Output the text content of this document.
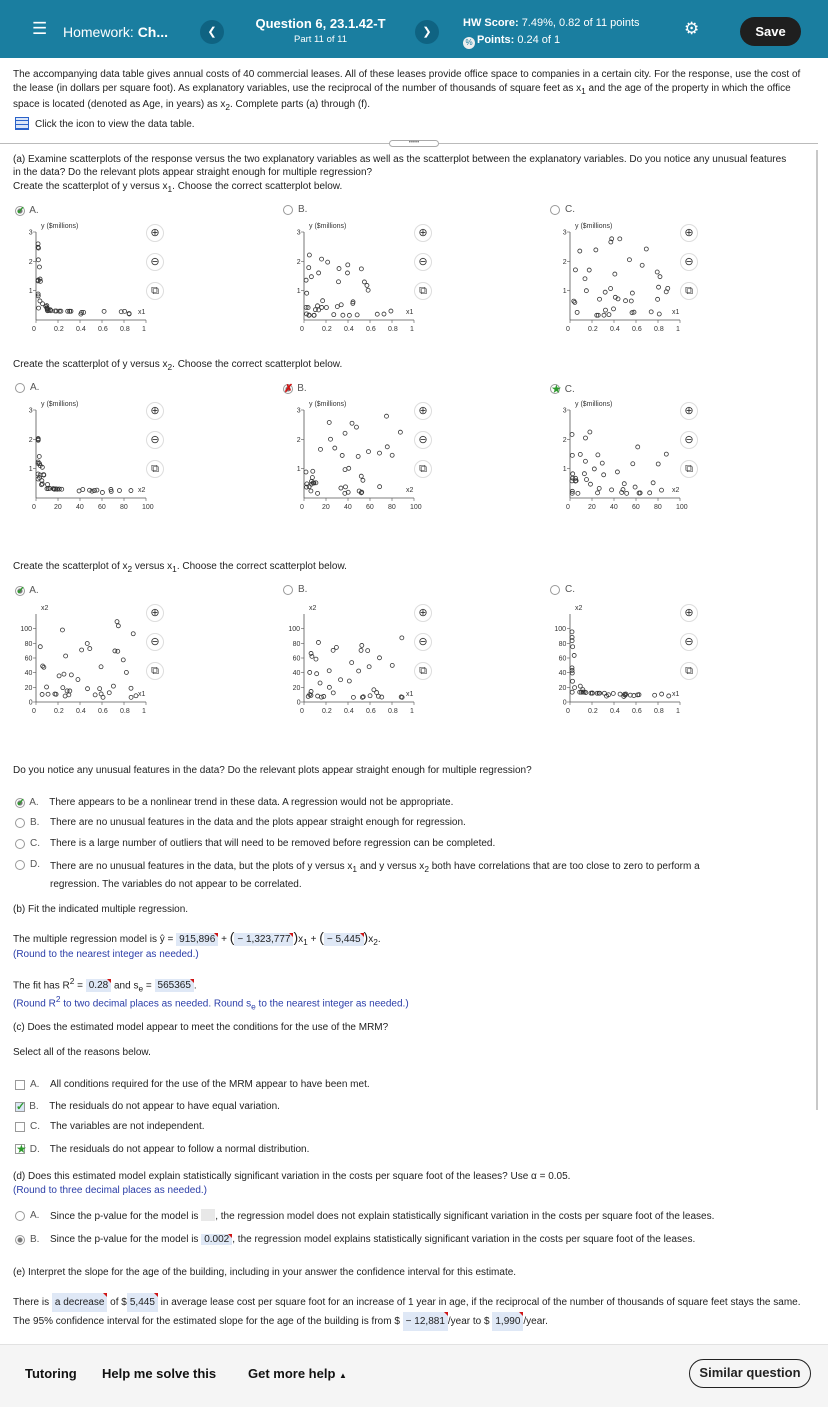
☰ Homework: Ch...	❮
Question 6, 23.1.42-T
Part 11 of 11
❯
HW Score: 7.49%, 0.82 of 11 points
% Points: 0.24 of 1
⚙	Save
The accompanying data table gives annual costs of 40 commercial leases. All of these leases provide office space to companies in a certain city. For the response, use the cost of the lease (in dollars per square foot). As explanatory variables, use the reciprocal of the number of thousands of square feet as $x_1$ and the age of the property in which the office space is located (denoted as Age, in years) as $x_2$. Complete parts (a) through (f).
Click the icon to view the data table.
•••••
(a) Examine scatterplots of the response versus the two explanatory variables as well as the scatterplot between the explanatory variables. Do you notice any unusual features in the data? Do the relevant plots appear straight enough for multiple regression?
Create the scatterplot of y versus $x_1$. Choose the correct scatterplot below.
✓ A.	B.	C.
Create the scatterplot of y versus $x_2$. Choose the correct scatterplot below.
A.	✗ B.	★ C.
Create the scatterplot of $x_2$ versus $x_1$. Choose the correct scatterplot below.
✓ A.	B.	C.
y ($millions)
x1
0	0.2 0.4 0.6 0.8 1
1
2
3	⊕
⊖
⧉
y ($millions)
x1
0	0.2 0.4 0.6 0.8 1
1
2
3	⊕
⊖
⧉
y ($millions)
x1
0	0.2 0.4 0.6 0.8 1
1
2
3	⊕
⊖
⧉
y ($millions)
x2
0	20 40 60 80 100
1
2
3	⊕
⊖
⧉
y ($millions)
x2
0	20 40 60 80 100
1
2
3	⊕
⊖
⧉
y ($millions)
x2
0	20 40 60 80 100
1
2
3	⊕
⊖
⧉
x2
x1
0	0.2 0.4 0.6 0.8 1
0
20
40
60
80
100
⊕
⊖
⧉
x2
x1
0	0.2 0.4 0.6 0.8 1
0
20
40
60
80
100
⊕
⊖
⧉
x2
x1
0	0.2 0.4 0.6 0.8 1
0
20
40
60
80
100
⊕
⊖
⧉
Do you notice any unusual features in the data? Do the relevant plots appear straight enough for multiple regression?
✓ A.	There appears to be a nonlinear trend in these data. A regression would not be appropriate.
B.	There are no unusual features in the data and the plots appear straight enough for regression.
C.	There is a large number of outliers that will need to be removed before regression can be completed.
D.	There are no unusual features in the data, but the plots of y versus $x_1$ and y versus $x_2$ both have correlations that are too close to zero to perform a
regression. The variables do not appear to be correlated.
(b) Fit the indicated multiple regression.
The multiple regression model is ŷ = 915,896 + ( − 1,323,777 )$x_1$ + ( − 5,445 )$x_2$.
(Round to the nearest integer as needed.)
The fit has $R^2 = 0.28$ and $s_e = 565365$ .
(Round $R^2$ to two decimal places as needed. Round $s_e$ to the nearest integer as needed.)
(c) Does the estimated model appear to meet the conditions for the use of the MRM?
Select all of the reasons below.
A.	All conditions required for the use of the MRM appear to have been met.
✓ B.	The residuals do not appear to have equal variation.
C.	The variables are not independent.
★ D.	The residuals do not appear to follow a normal distribution.
(d) Does this estimated model explain statistically significant variation in the costs per square foot of the leases? Use α = 0.05.
(Round to three decimal places as needed.)
A.	Since the p-value for the model is , the regression model does not explain statistically significant variation in the costs per square foot of the leases.
B.	Since the p-value for the model is 0.002 , the regression model explains statistically significant variation in the costs per square foot of the leases.
(e) Interpret the slope for the age of the building, including in your answer the confidence interval for this estimate.
There is a decrease of $ 5,445 in average lease cost per square foot for an increase of 1 year in age, if the reciprocal of the number of thousands of square feet stays the same. The 95% confidence interval for the estimated slope for the age of the building is from $ − 12,881 /year to $ 1,990 /year.
Tutoring Help me solve this Get more help ▲	Similar question
